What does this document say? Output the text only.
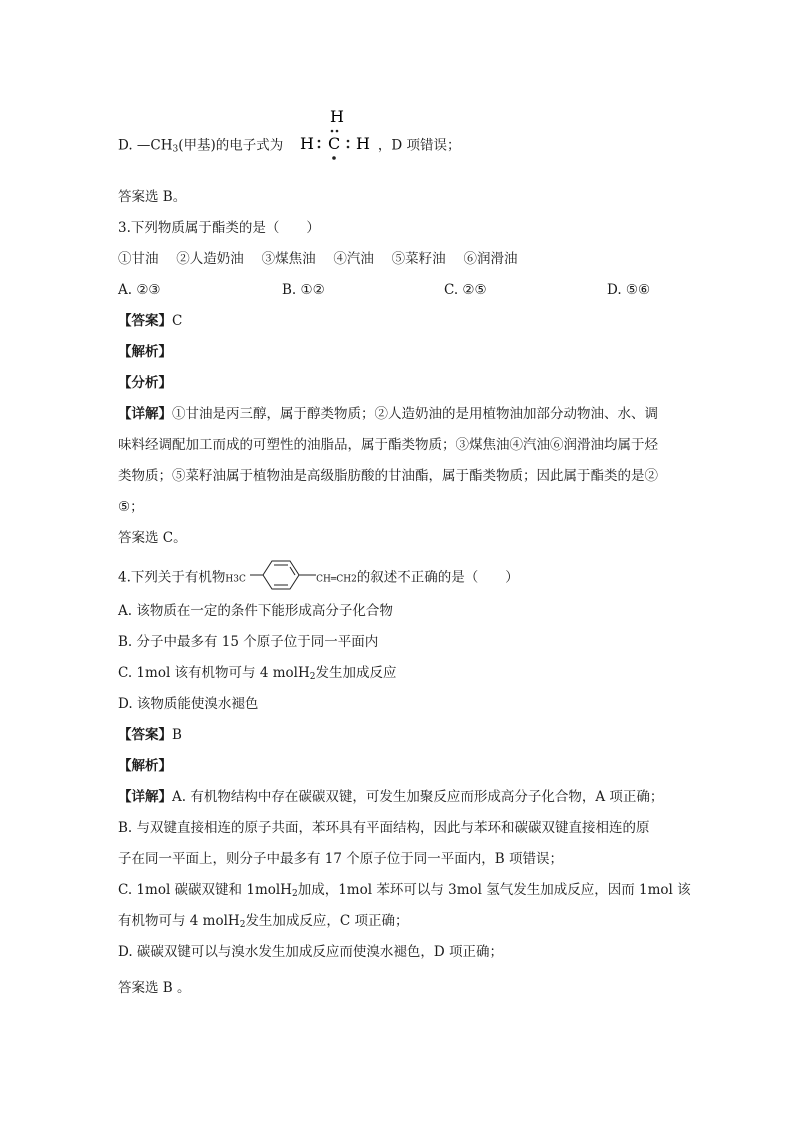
D. $—CH_3$(甲基)的电子式为
H
H C H ，D 项错误；
答案选 B。
3.下列物质属于酯类的是（　　）
①甘油　 ②人造奶油　 ③煤焦油　 ④汽油　 ⑤菜籽油　 ⑥润滑油
A. ②③	B. ①②	C. ②⑤	D. ⑤⑥
【答案】C
【解析】
【分析】
【详解】①甘油是丙三醇，属于醇类物质；②人造奶油的是用植物油加部分动物油、水、调
味料经调配加工而成的可塑性的油脂品，属于酯类物质；③煤焦油④汽油⑥润滑油均属于烃
类物质；⑤菜籽油属于植物油是高级脂肪酸的甘油酯，属于酯类物质；因此属于酯类的是②
⑤；
答案选 C。
4.下列关于有机物H3C	CH═CH2的叙述不正确的是（　　）
A. 该物质在一定的条件下能形成高分子化合物
B. 分子中最多有 15 个原子位于同一平面内
C. 1mol 该有机物可与 4 molH$_2$发生加成反应
D. 该物质能使溴水褪色
【答案】B
【解析】
【详解】A. 有机物结构中存在碳碳双键，可发生加聚反应而形成高分子化合物，A 项正确；
B. 与双键直接相连的原子共面，苯环具有平面结构，因此与苯环和碳碳双键直接相连的原
子在同一平面上，则分子中最多有 17 个原子位于同一平面内，B 项错误；
C. 1mol 碳碳双键和 1molH$_2$加成，1mol 苯环可以与 3mol 氢气发生加成反应，因而 1mol 该
有机物可与 4 molH$_2$发生加成反应，C 项正确；
D. 碳碳双键可以与溴水发生加成反应而使溴水褪色，D 项正确；
答案选 B 。
